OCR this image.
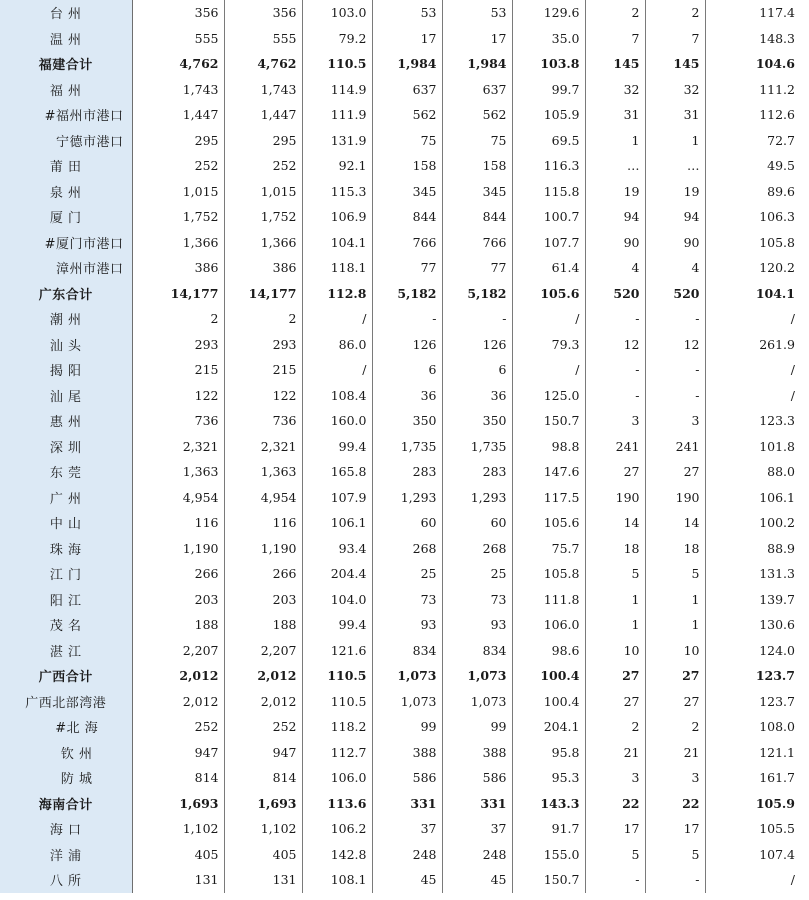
台 州	356	356	103.0	53	53	129.6	2	2	117.4
温 州	555	555	79.2	17	17	35.0	7	7	148.3
福建合计	4,762	4,762	110.5	1,984	1,984	103.8	145	145	104.6
福 州	1,743	1,743	114.9	637	637	99.7	32	32	111.2
#福州市港口	1,447	1,447	111.9	562	562	105.9	31	31	112.6
宁德市港口	295	295	131.9	75	75	69.5	1	1	72.7
莆 田	252	252	92.1	158	158	116.3	…	…	49.5
泉 州	1,015	1,015	115.3	345	345	115.8	19	19	89.6
厦 门	1,752	1,752	106.9	844	844	100.7	94	94	106.3
#厦门市港口	1,366	1,366	104.1	766	766	107.7	90	90	105.8
漳州市港口	386	386	118.1	77	77	61.4	4	4	120.2
广东合计	14,177	14,177	112.8	5,182	5,182	105.6	520	520	104.1
潮 州	2	2	/	-	-	/	-	-	/
汕 头	293	293	86.0	126	126	79.3	12	12	261.9
揭 阳	215	215	/	6	6	/	-	-	/
汕 尾	122	122	108.4	36	36	125.0	-	-	/
惠 州	736	736	160.0	350	350	150.7	3	3	123.3
深 圳	2,321	2,321	99.4	1,735	1,735	98.8	241	241	101.8
东 莞	1,363	1,363	165.8	283	283	147.6	27	27	88.0
广 州	4,954	4,954	107.9	1,293	1,293	117.5	190	190	106.1
中 山	116	116	106.1	60	60	105.6	14	14	100.2
珠 海	1,190	1,190	93.4	268	268	75.7	18	18	88.9
江 门	266	266	204.4	25	25	105.8	5	5	131.3
阳 江	203	203	104.0	73	73	111.8	1	1	139.7
茂 名	188	188	99.4	93	93	106.0	1	1	130.6
湛 江	2,207	2,207	121.6	834	834	98.6	10	10	124.0
广西合计	2,012	2,012	110.5	1,073	1,073	100.4	27	27	123.7
广西北部湾港	2,012	2,012	110.5	1,073	1,073	100.4	27	27	123.7
#北 海	252	252	118.2	99	99	204.1	2	2	108.0
钦 州	947	947	112.7	388	388	95.8	21	21	121.1
防 城	814	814	106.0	586	586	95.3	3	3	161.7
海南合计	1,693	1,693	113.6	331	331	143.3	22	22	105.9
海 口	1,102	1,102	106.2	37	37	91.7	17	17	105.5
洋 浦	405	405	142.8	248	248	155.0	5	5	107.4
八 所	131	131	108.1	45	45	150.7	-	-	/
